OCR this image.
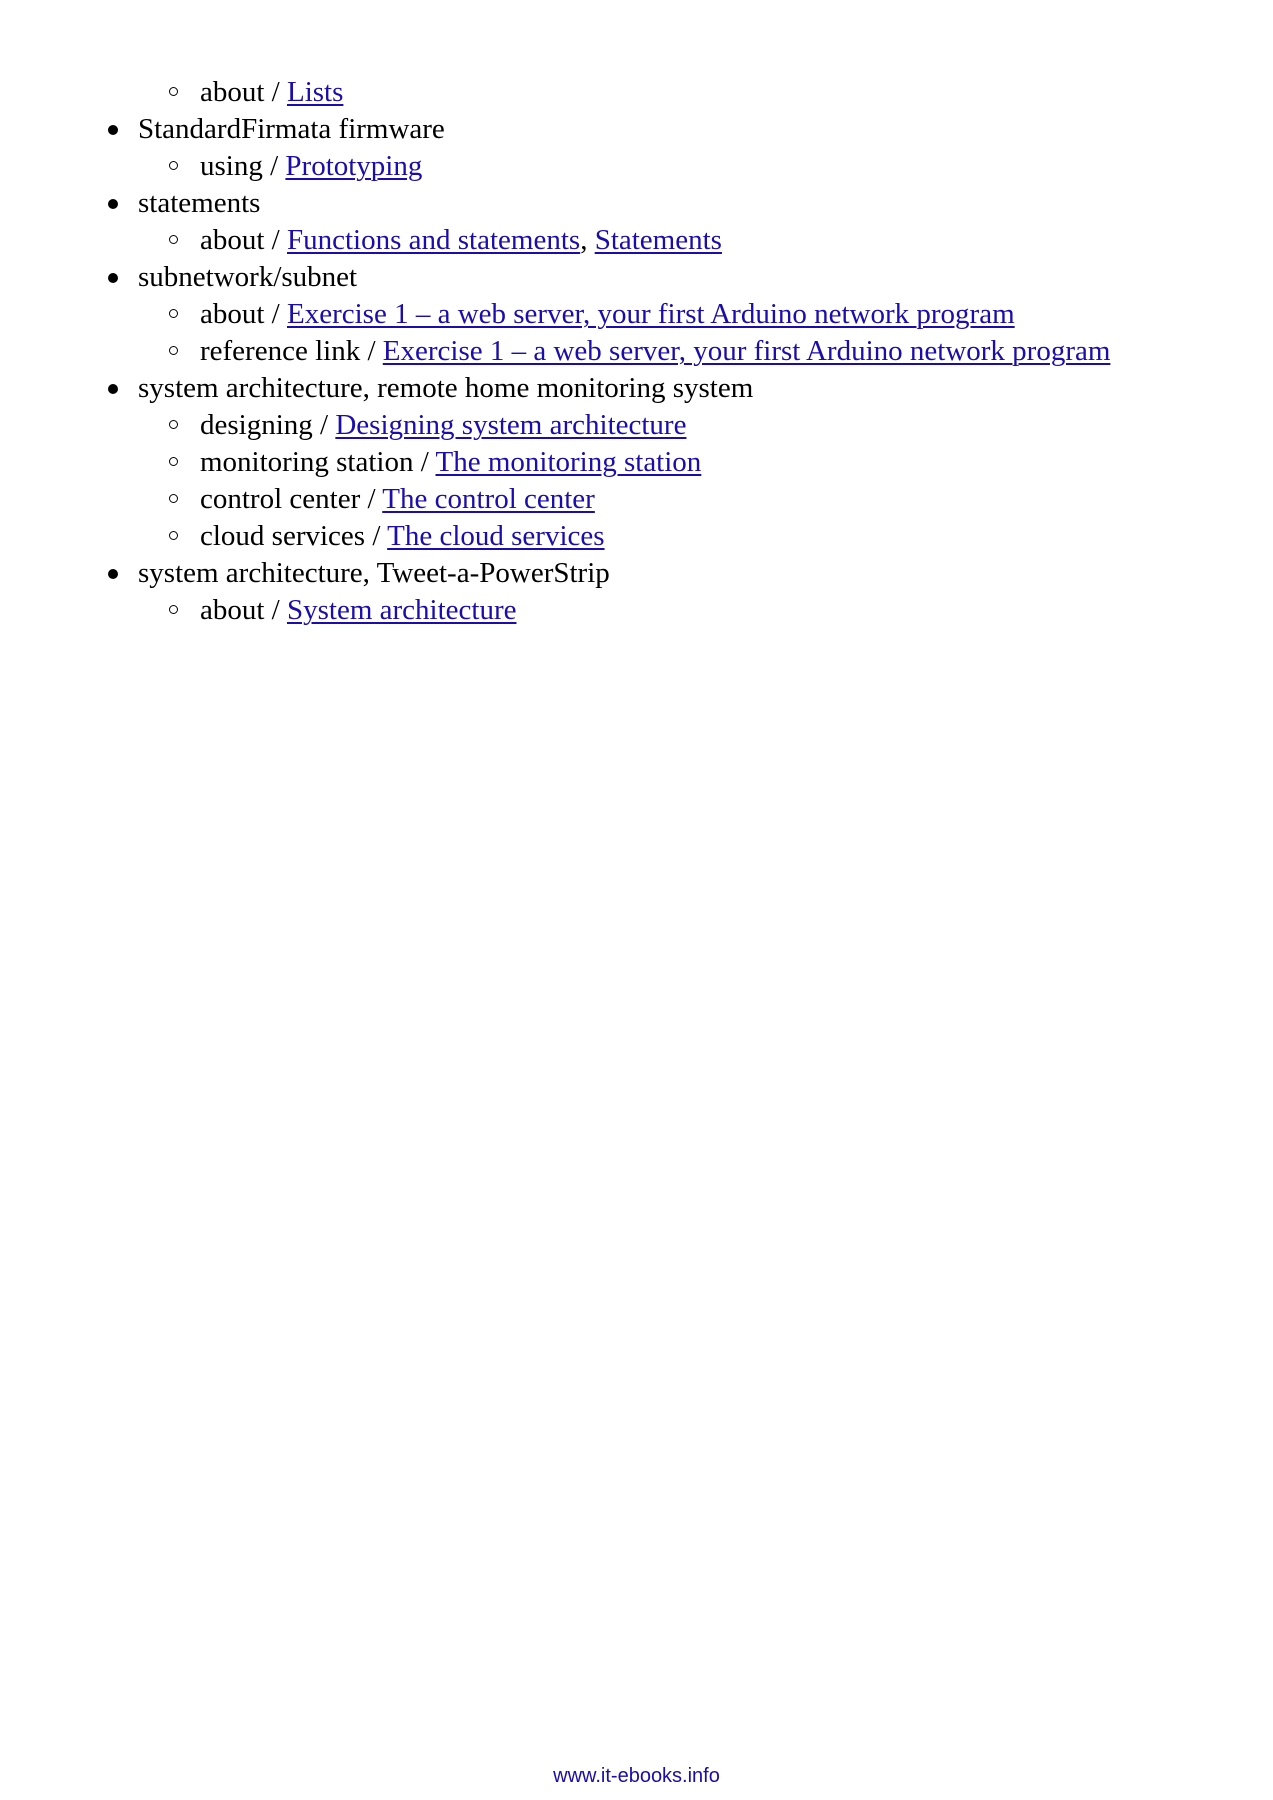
about / Lists
StandardFirmata firmware
using / Prototyping
statements
about / Functions and statements, Statements
subnetwork/subnet
about / Exercise 1 – a web server, your first Arduino network program
reference link / Exercise 1 – a web server, your first Arduino network program
system architecture, remote home monitoring system
designing / Designing system architecture
monitoring station / The monitoring station
control center / The control center
cloud services / The cloud services
system architecture, Tweet-a-PowerStrip
about / System architecture
www.it-ebooks.info
